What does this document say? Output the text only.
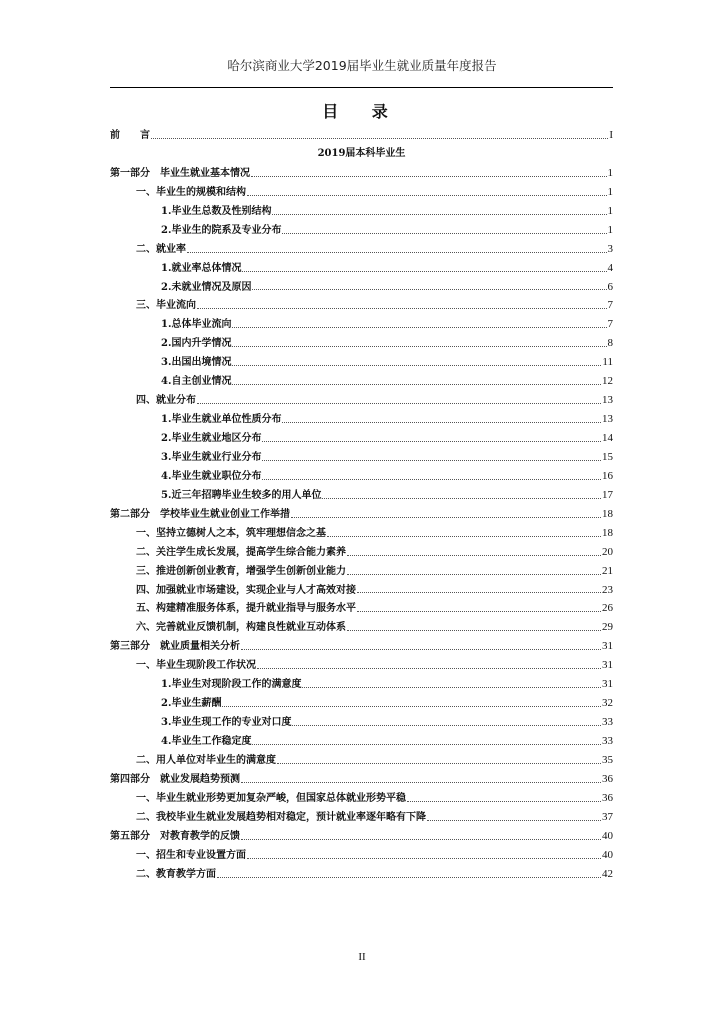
哈尔滨商业大学2019届毕业生就业质量年度报告
目 录
前　　言	I
2019届本科毕业生
第一部分　毕业生就业基本情况	1
一、毕业生的规模和结构	1
1.毕业生总数及性别结构	1
2.毕业生的院系及专业分布	1
二、就业率	3
1.就业率总体情况	4
2.未就业情况及原因	6
三、毕业流向	7
1.总体毕业流向	7
2.国内升学情况	8
3.出国出境情况	11
4.自主创业情况	12
四、就业分布	13
1.毕业生就业单位性质分布	13
2.毕业生就业地区分布	14
3.毕业生就业行业分布	15
4.毕业生就业职位分布	16
5.近三年招聘毕业生较多的用人单位	17
第二部分　学校毕业生就业创业工作举措	18
一、坚持立德树人之本，筑牢理想信念之基	18
二、关注学生成长发展，提高学生综合能力素养	20
三、推进创新创业教育，增强学生创新创业能力	21
四、加强就业市场建设，实现企业与人才高效对接	23
五、构建精准服务体系，提升就业指导与服务水平	26
六、完善就业反馈机制，构建良性就业互动体系	29
第三部分　就业质量相关分析	31
一、毕业生现阶段工作状况	31
1.毕业生对现阶段工作的满意度	31
2.毕业生薪酬	32
3.毕业生现工作的专业对口度	33
4.毕业生工作稳定度	33
二、用人单位对毕业生的满意度	35
第四部分　就业发展趋势预测	36
一、毕业生就业形势更加复杂严峻，但国家总体就业形势平稳	36
二、我校毕业生就业发展趋势相对稳定，预计就业率逐年略有下降	37
第五部分　对教育教学的反馈	40
一、招生和专业设置方面	40
二、教育教学方面	42
II
